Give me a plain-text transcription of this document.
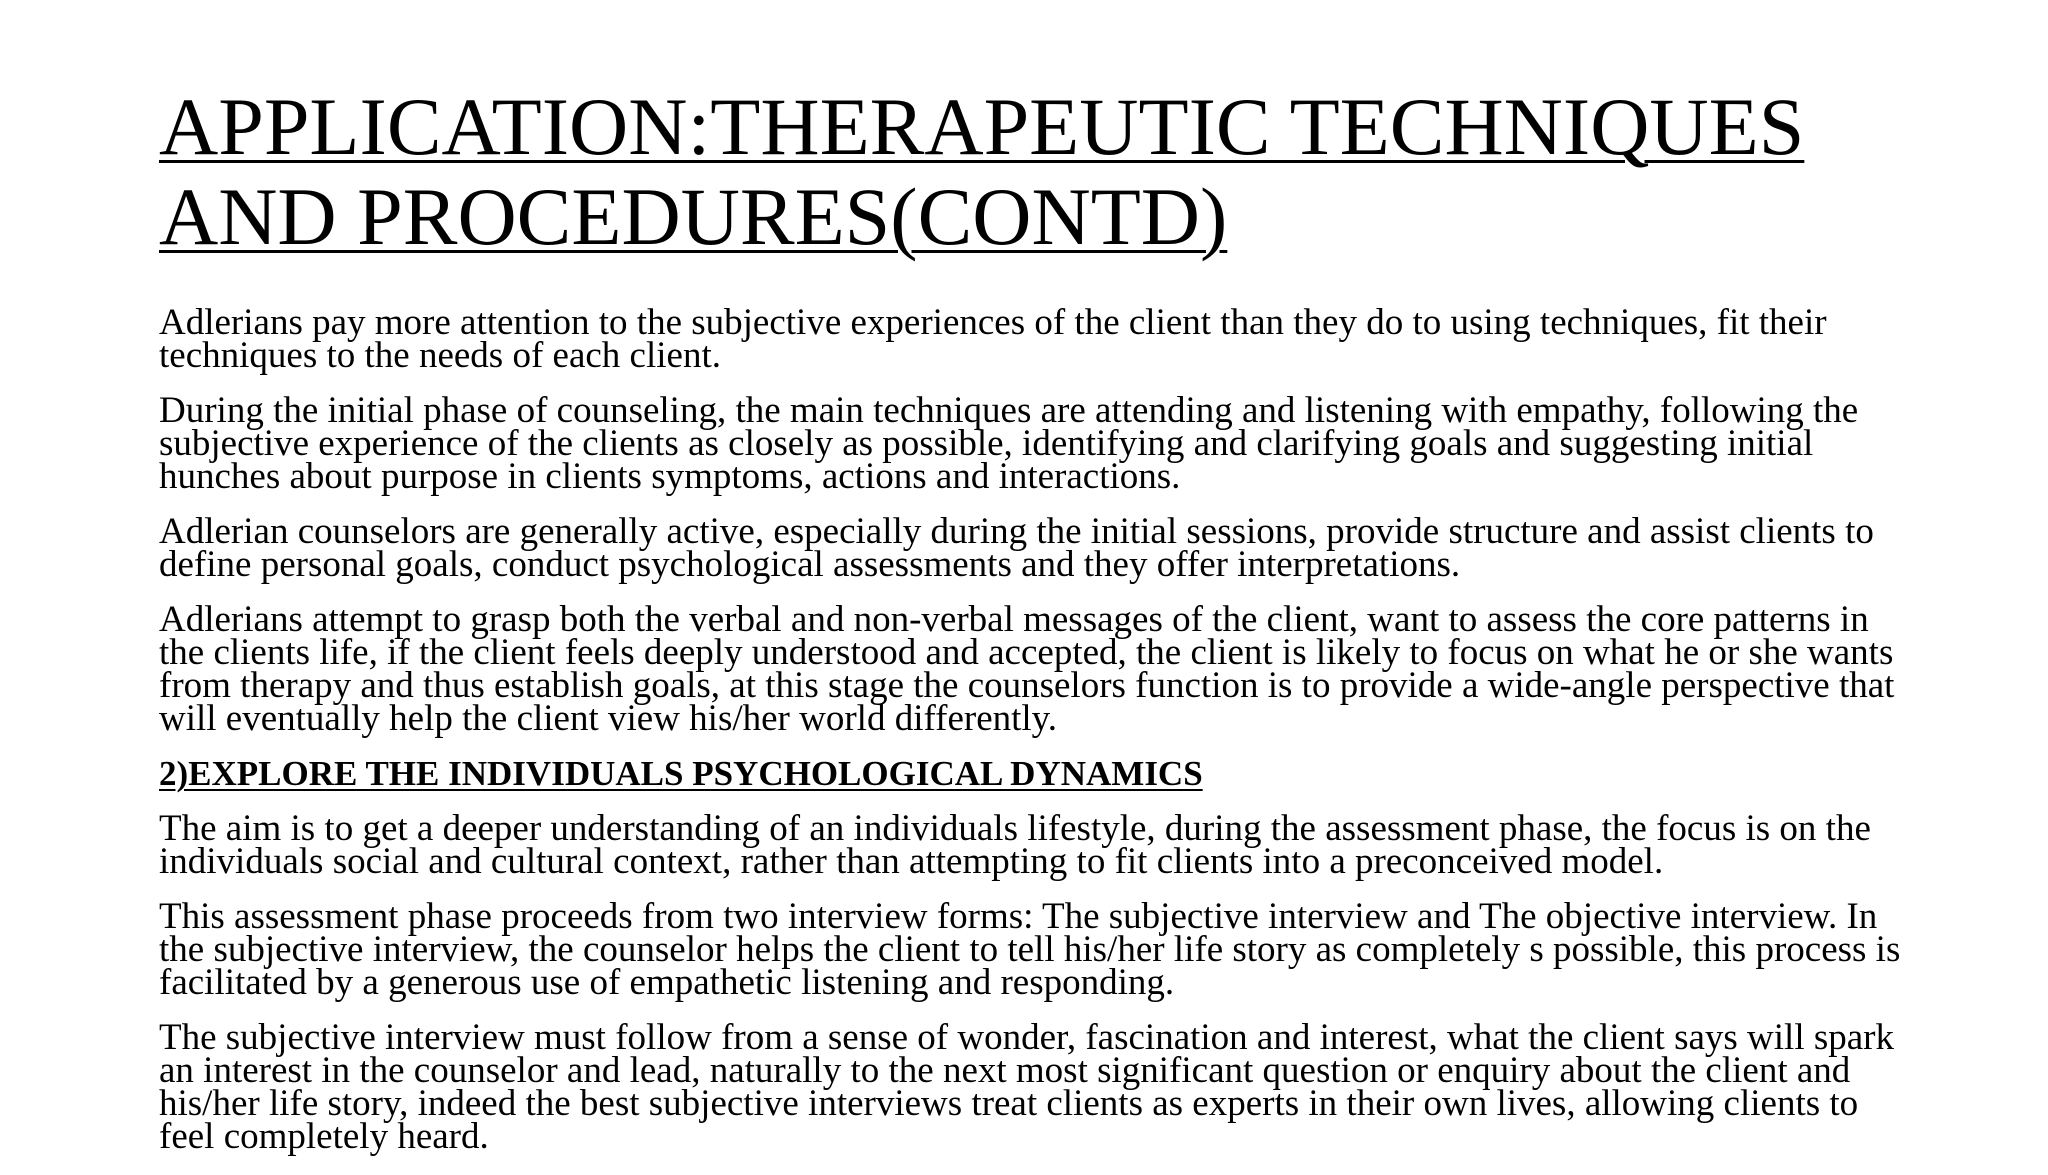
APPLICATION:THERAPEUTIC TECHNIQUES
AND PROCEDURES(CONTD)

Adlerians pay more attention to the subjective experiences of the client than they do to using techniques, fit their techniques to the needs of each client.

During the initial phase of counseling, the main techniques are attending and listening with empathy, following the subjective experience of the clients as closely as possible, identifying and clarifying goals and suggesting initial hunches about purpose in clients symptoms, actions and interactions.

Adlerian counselors are generally active, especially during the initial sessions, provide structure and assist clients to define personal goals, conduct psychological assessments and they offer interpretations.

Adlerians attempt to grasp both the verbal and non-verbal messages of the client, want to assess the core patterns in the clients life, if the client feels deeply understood and accepted, the client is likely to focus on what he or she wants from therapy and thus establish goals, at this stage the counselors function is to provide a wide-angle perspective that will eventually help the client view his/her world differently.

2)EXPLORE THE INDIVIDUALS PSYCHOLOGICAL DYNAMICS

The aim is to get a deeper understanding of an individuals lifestyle, during the assessment phase, the focus is on the individuals social and cultural context, rather than attempting to fit clients into a preconceived model.

This assessment phase proceeds from two interview forms: The subjective interview and The objective interview. In the subjective interview, the counselor helps the client to tell his/her life story as completely s possible, this process is facilitated by a generous use of empathetic listening and responding.

The subjective interview must follow from a sense of wonder, fascination and interest, what the client says will spark an interest in the counselor and lead, naturally to the next most significant question or enquiry about the client and his/her life story, indeed the best subjective interviews treat clients as experts in their own lives, allowing clients to feel completely heard.
